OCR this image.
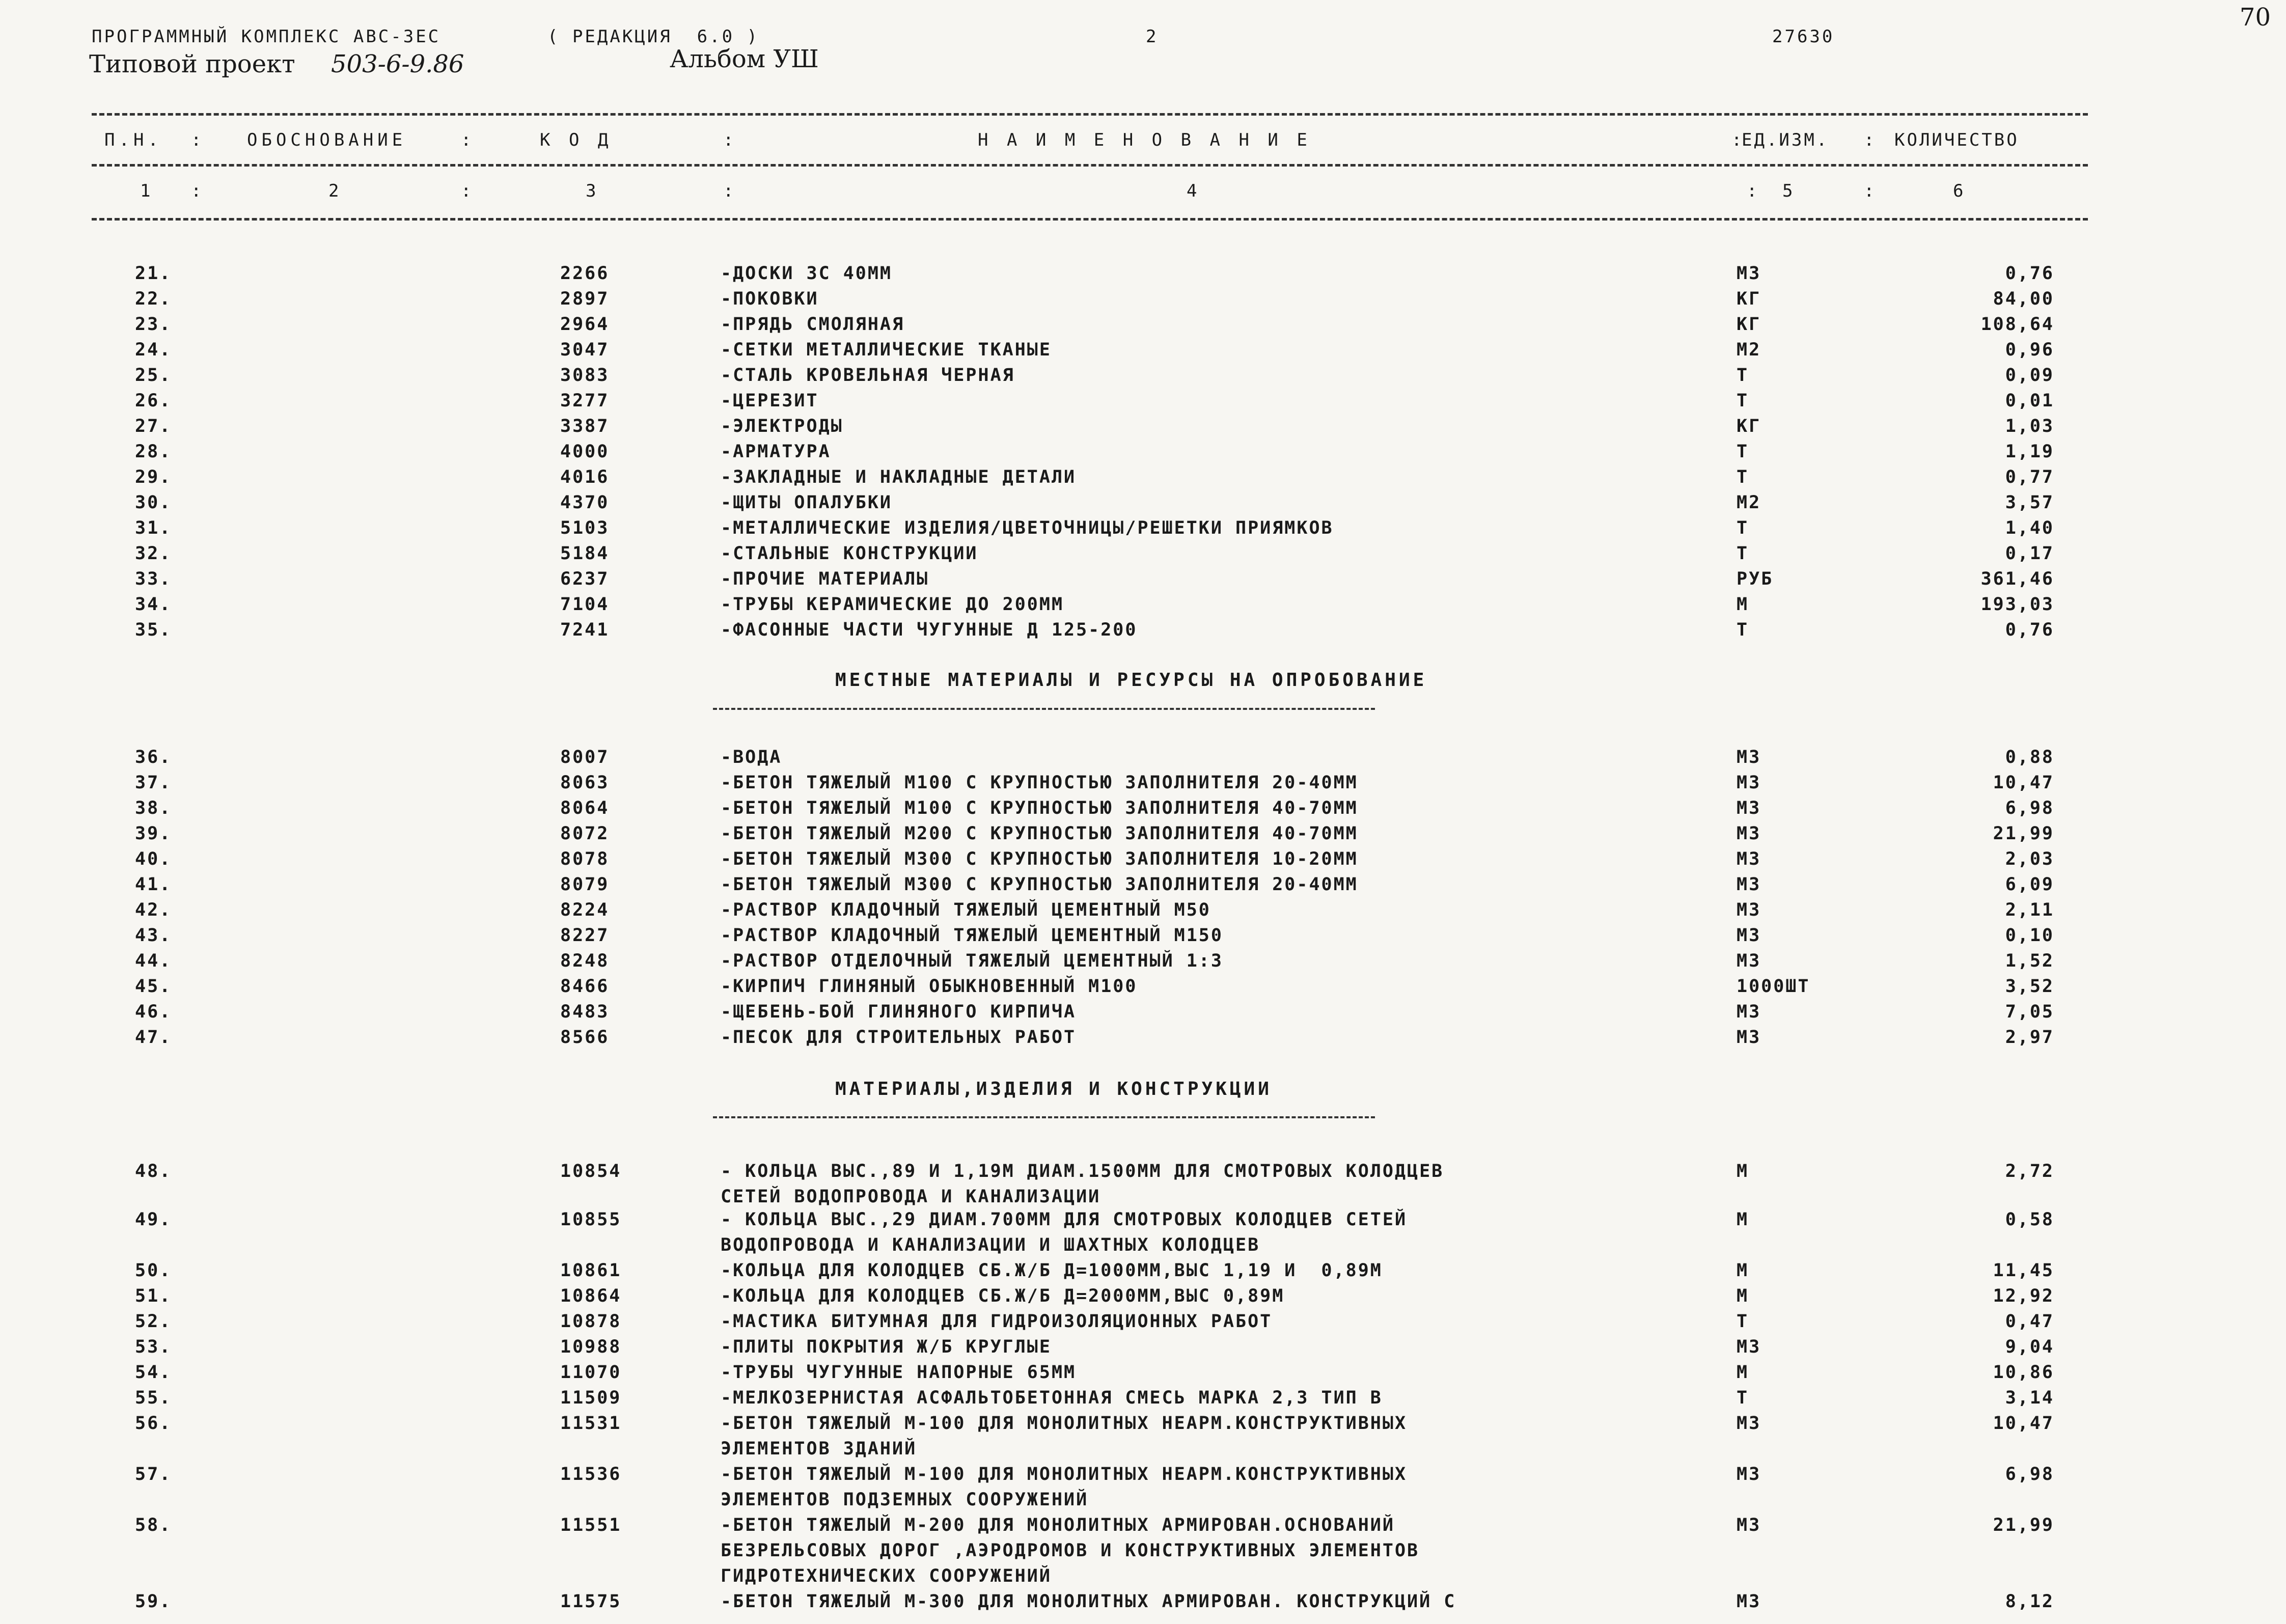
ПРОГРАММНЫЙ КОМПЛЕКС АВС-3ЕС	( РЕДАКЦИЯ  6.0 )	2	27630
70
Типовой проект 503-6-9.86	Альбом УШ
П.Н. : ОБОСНОВАНИЕ	:	К О Д	:	Н А И М Е Н О В А Н И Е	:
ЕД.ИЗМ. : КОЛИЧЕСТВО
1 :	2	:	3	:	4	: 5	:	6
МЕСТНЫЕ МАТЕРИАЛЫ И РЕСУРСЫ НА ОПРОБОВАНИЕ
МАТЕРИАЛЫ,ИЗДЕЛИЯ И КОНСТРУКЦИИ
21.	2266	-ДОСКИ 3С 40ММ	М3	0,76
22.	2897	-ПОКОВКИ	КГ	84,00
23.	2964	-ПРЯДЬ СМОЛЯНАЯ	КГ	108,64
24.	3047	-СЕТКИ МЕТАЛЛИЧЕСКИЕ ТКАНЫЕ	М2	0,96
25.	3083	-СТАЛЬ КРОВЕЛЬНАЯ ЧЕРНАЯ	Т	0,09
26.	3277	-ЦЕРЕЗИТ	Т	0,01
27.	3387	-ЭЛЕКТРОДЫ	КГ	1,03
28.	4000	-АРМАТУРА	Т	1,19
29.	4016	-ЗАКЛАДНЫЕ И НАКЛАДНЫЕ ДЕТАЛИ	Т	0,77
30.	4370	-ЩИТЫ ОПАЛУБКИ	М2	3,57
31.	5103	-МЕТАЛЛИЧЕСКИЕ ИЗДЕЛИЯ/ЦВЕТОЧНИЦЫ/РЕШЕТКИ ПРИЯМКОВ	Т	1,40
32.	5184	-СТАЛЬНЫЕ КОНСТРУКЦИИ	Т	0,17
33.	6237	-ПРОЧИЕ МАТЕРИАЛЫ	РУБ	361,46
34.	7104	-ТРУБЫ КЕРАМИЧЕСКИЕ ДО 200ММ	М	193,03
35.	7241	-ФАСОННЫЕ ЧАСТИ ЧУГУННЫЕ Д 125-200	Т	0,76
36.	8007	-ВОДА	М3	0,88
37.	8063	-БЕТОН ТЯЖЕЛЫЙ М100 С КРУПНОСТЬЮ ЗАПОЛНИТЕЛЯ 20-40ММ	М3	10,47
38.	8064	-БЕТОН ТЯЖЕЛЫЙ М100 С КРУПНОСТЬЮ ЗАПОЛНИТЕЛЯ 40-70ММ	М3	6,98
39.	8072	-БЕТОН ТЯЖЕЛЫЙ М200 С КРУПНОСТЬЮ ЗАПОЛНИТЕЛЯ 40-70ММ	М3	21,99
40.	8078	-БЕТОН ТЯЖЕЛЫЙ М300 С КРУПНОСТЬЮ ЗАПОЛНИТЕЛЯ 10-20ММ	М3	2,03
41.	8079	-БЕТОН ТЯЖЕЛЫЙ М300 С КРУПНОСТЬЮ ЗАПОЛНИТЕЛЯ 20-40ММ	М3	6,09
42.	8224	-РАСТВОР КЛАДОЧНЫЙ ТЯЖЕЛЫЙ ЦЕМЕНТНЫЙ М50	М3	2,11
43.	8227	-РАСТВОР КЛАДОЧНЫЙ ТЯЖЕЛЫЙ ЦЕМЕНТНЫЙ М150	М3	0,10
44.	8248	-РАСТВОР ОТДЕЛОЧНЫЙ ТЯЖЕЛЫЙ ЦЕМЕНТНЫЙ 1:3	М3	1,52
45.	8466	-КИРПИЧ ГЛИНЯНЫЙ ОБЫКНОВЕННЫЙ М100	1000ШТ	3,52
46.	8483	-ЩЕБЕНЬ-БОЙ ГЛИНЯНОГО КИРПИЧА	М3	7,05
47.	8566	-ПЕСОК ДЛЯ СТРОИТЕЛЬНЫХ РАБОТ	М3	2,97
48.	10854	- КОЛЬЦА ВЫС.,89 И 1,19М ДИАМ.1500ММ ДЛЯ СМОТРОВЫХ КОЛОДЦЕВ	М	2,72
СЕТЕЙ ВОДОПРОВОДА И КАНАЛИЗАЦИИ
49.	10855	- КОЛЬЦА ВЫС.,29 ДИАМ.700ММ ДЛЯ СМОТРОВЫХ КОЛОДЦЕВ СЕТЕЙ	М	0,58
ВОДОПРОВОДА И КАНАЛИЗАЦИИ И ШАХТНЫХ КОЛОДЦЕВ
50.	10861	-КОЛЬЦА ДЛЯ КОЛОДЦЕВ СБ.Ж/Б Д=1000ММ,ВЫС 1,19 И  0,89М	М	11,45
51.	10864	-КОЛЬЦА ДЛЯ КОЛОДЦЕВ СБ.Ж/Б Д=2000ММ,ВЫС 0,89М	М	12,92
52.	10878	-МАСТИКА БИТУМНАЯ ДЛЯ ГИДРОИЗОЛЯЦИОННЫХ РАБОТ	Т	0,47
53.	10988	-ПЛИТЫ ПОКРЫТИЯ Ж/Б КРУГЛЫЕ	М3	9,04
54.	11070	-ТРУБЫ ЧУГУННЫЕ НАПОРНЫЕ 65ММ	М	10,86
55.	11509	-МЕЛКОЗЕРНИСТАЯ АСФАЛЬТОБЕТОННАЯ СМЕСЬ МАРКА 2,3 ТИП В	Т	3,14
56.	11531	-БЕТОН ТЯЖЕЛЫЙ М-100 ДЛЯ МОНОЛИТНЫХ НЕАРМ.КОНСТРУКТИВНЫХ	М3	10,47
ЭЛЕМЕНТОВ ЗДАНИЙ
57.	11536	-БЕТОН ТЯЖЕЛЫЙ М-100 ДЛЯ МОНОЛИТНЫХ НЕАРМ.КОНСТРУКТИВНЫХ	М3	6,98
ЭЛЕМЕНТОВ ПОДЗЕМНЫХ СООРУЖЕНИЙ
58.	11551	-БЕТОН ТЯЖЕЛЫЙ М-200 ДЛЯ МОНОЛИТНЫХ АРМИРОВАН.ОСНОВАНИЙ	М3	21,99
БЕЗРЕЛЬСОВЫХ ДОРОГ ,АЭРОДРОМОВ И КОНСТРУКТИВНЫХ ЭЛЕМЕНТОВ
ГИДРОТЕХНИЧЕСКИХ СООРУЖЕНИЙ
59.	11575	-БЕТОН ТЯЖЕЛЫЙ М-300 ДЛЯ МОНОЛИТНЫХ АРМИРОВАН. КОНСТРУКЦИЙ С	М3	8,12
